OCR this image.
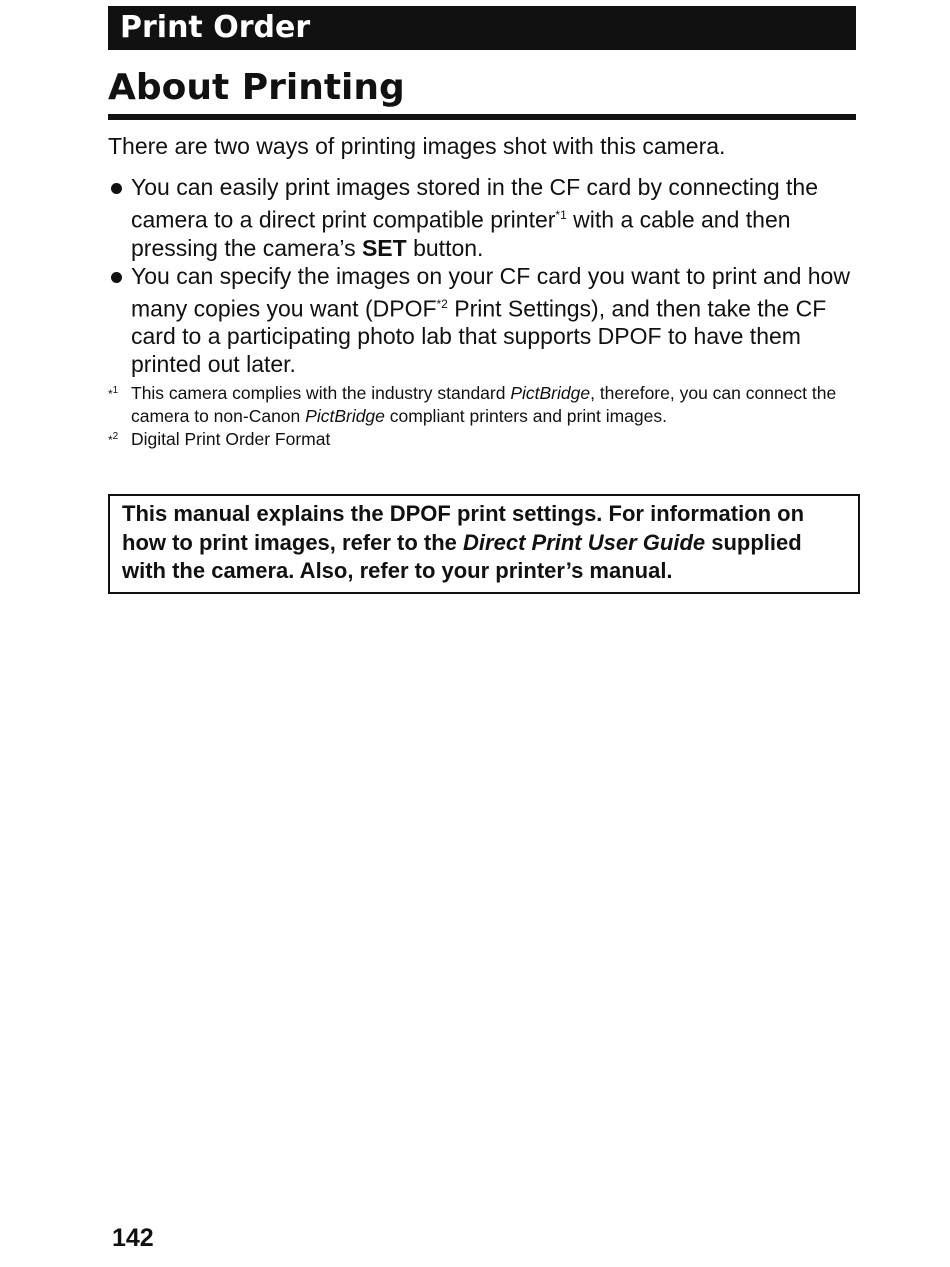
Print Order
About Printing

There are two ways of printing images shot with this camera.

You can easily print images stored in the CF card by connecting the camera to a direct print compatible printer$^{*1}$ with a cable and then pressing the camera’s SET button.
You can specify the images on your CF card you want to print and how many copies you want (DPOF$^{*2}$ Print Settings), and then take the CF card to a participating photo lab that supports DPOF to have them printed out later.
*$^1$ This camera complies with the industry standard PictBridge, therefore, you can connect the camera to non-Canon PictBridge compliant printers and print images.
*$^2$ Digital Print Order Format
This manual explains the DPOF print settings. For information on how to print images, refer to the Direct Print User Guide supplied with the camera. Also, refer to your printer’s manual.
142
